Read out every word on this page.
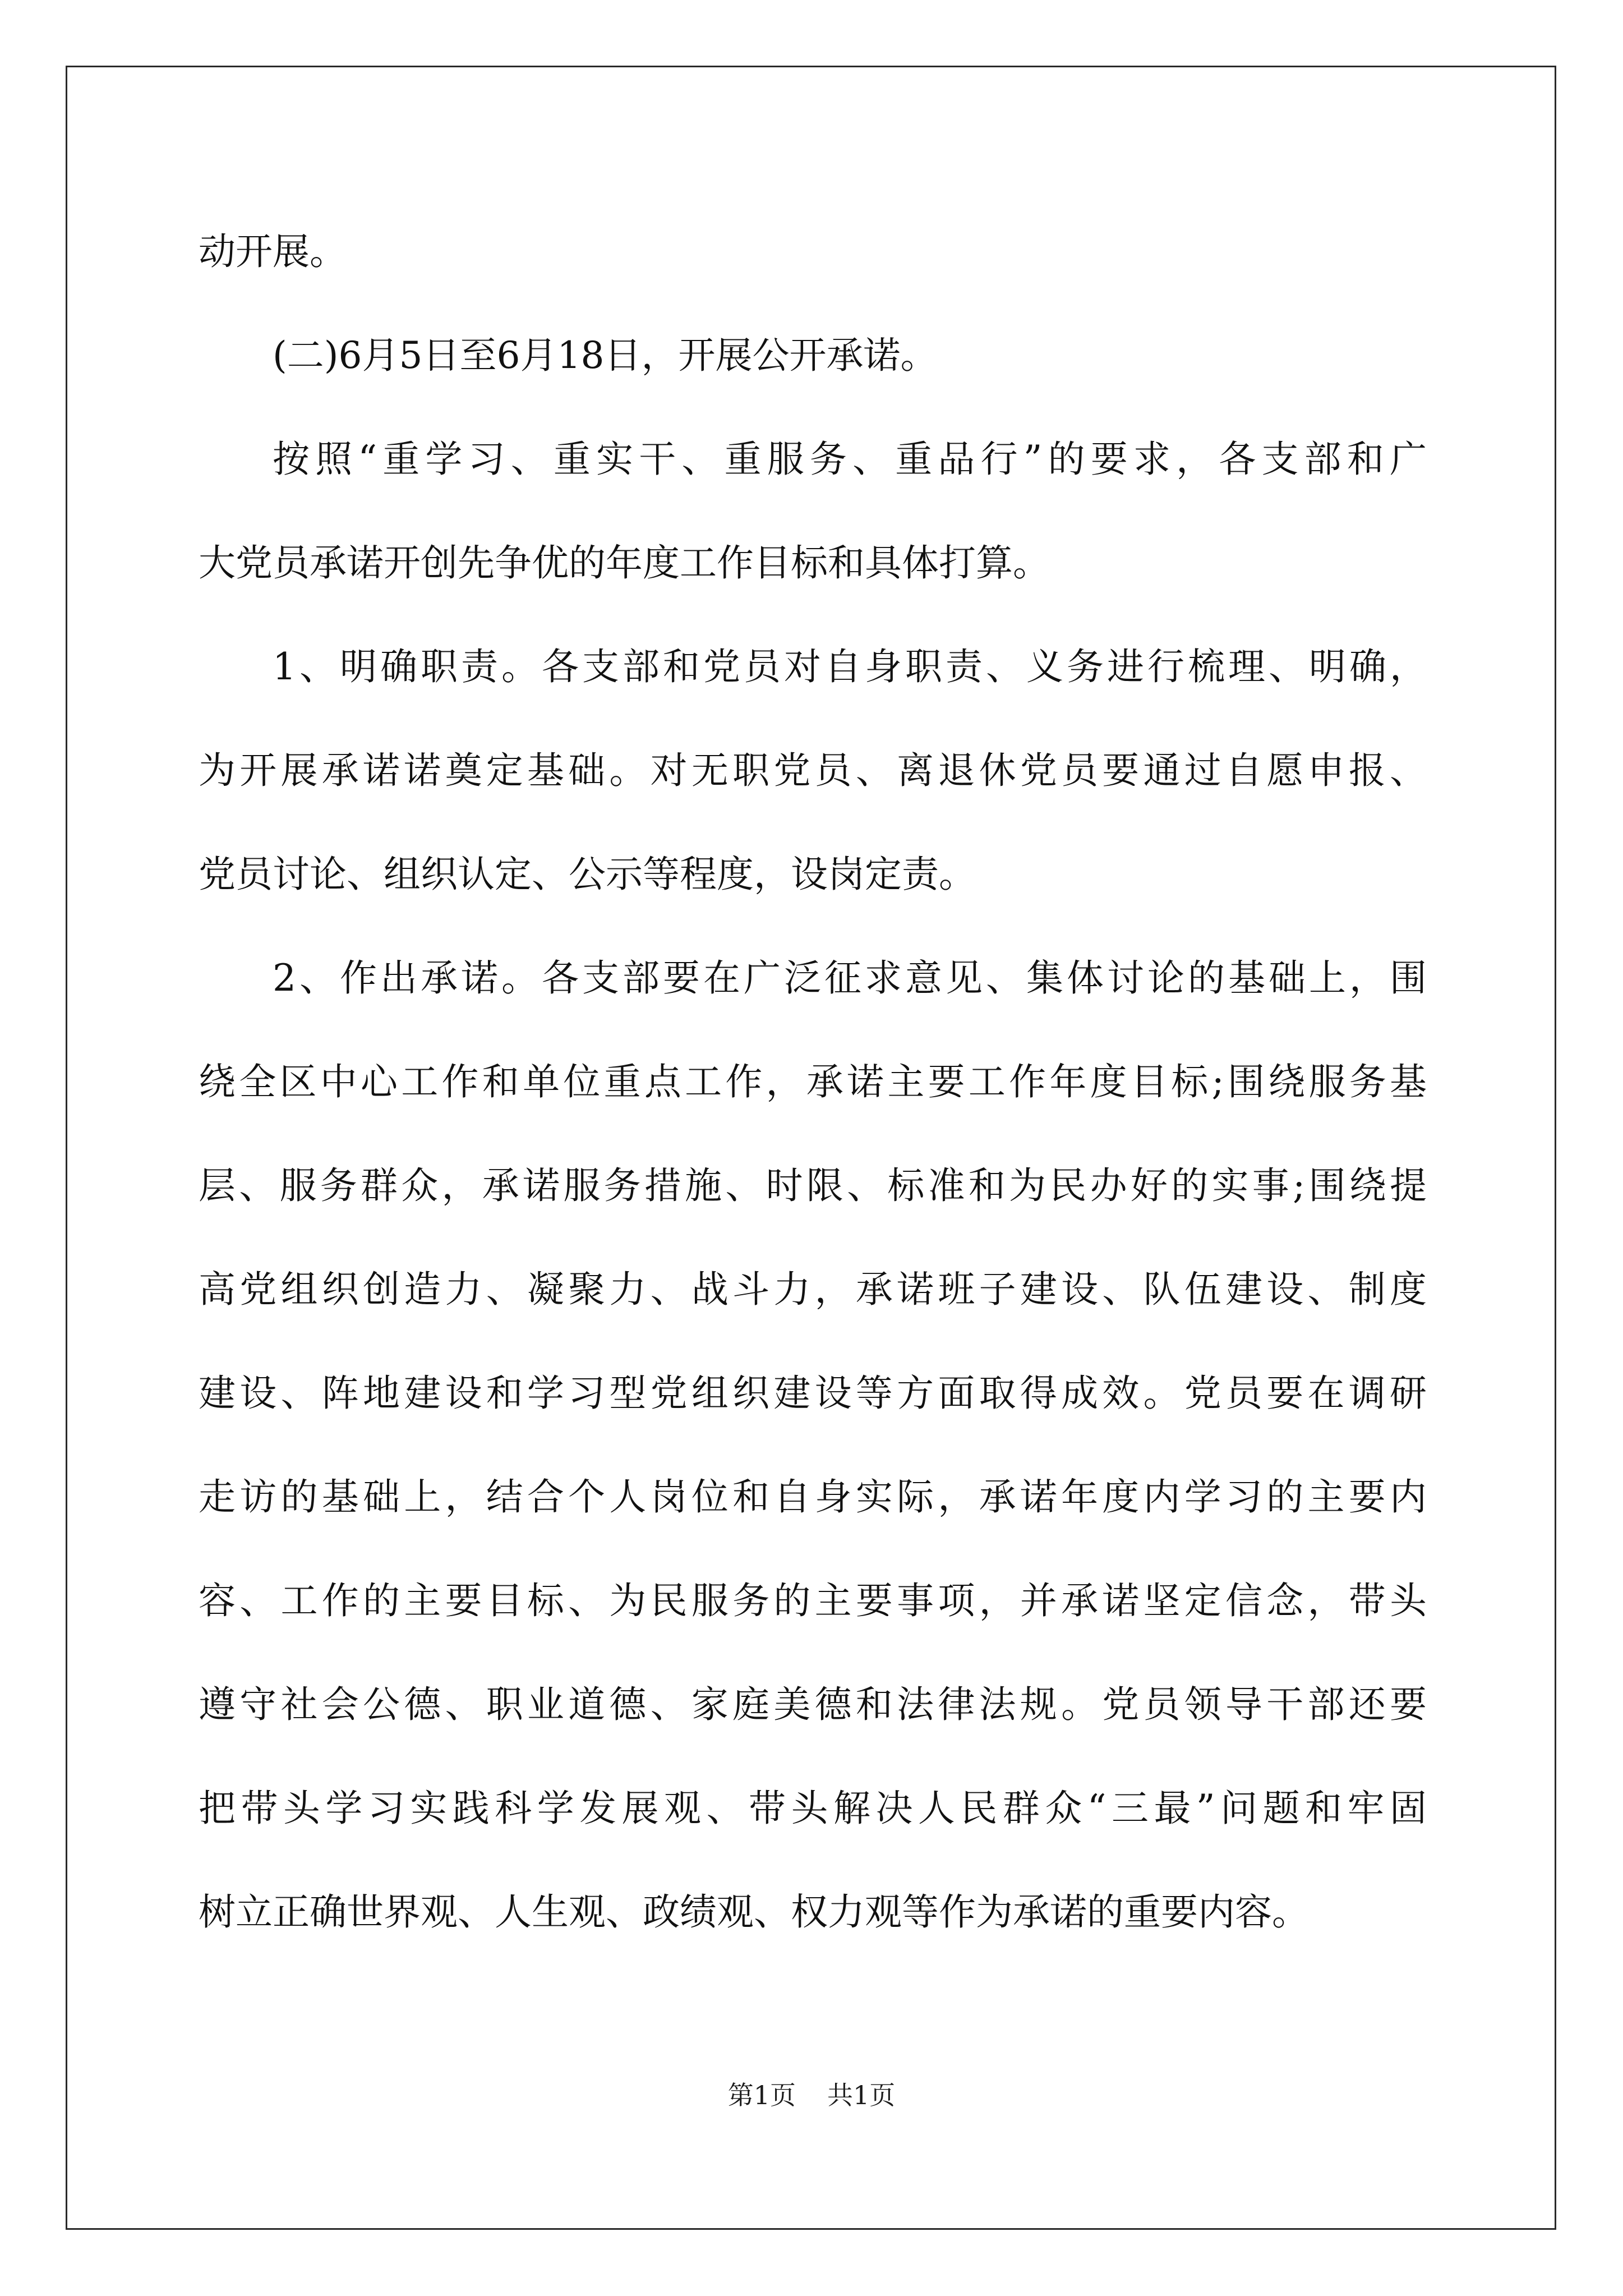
动开展。
(二)6月5日至6月18日，开展公开承诺。
按照“重学习、重实干、重服务、重品行”的要求，各支部和广
大党员承诺开创先争优的年度工作目标和具体打算。
1、明确职责。各支部和党员对自身职责、义务进行梳理、明确，
为开展承诺诺奠定基础。对无职党员、离退休党员要通过自愿申报、
党员讨论、组织认定、公示等程度，设岗定责。
2、作出承诺。各支部要在广泛征求意见、集体讨论的基础上，围
绕全区中心工作和单位重点工作，承诺主要工作年度目标;围绕服务基
层、服务群众，承诺服务措施、时限、标准和为民办好的实事;围绕提
高党组织创造力、凝聚力、战斗力，承诺班子建设、队伍建设、制度
建设、阵地建设和学习型党组织建设等方面取得成效。党员要在调研
走访的基础上，结合个人岗位和自身实际，承诺年度内学习的主要内
容、工作的主要目标、为民服务的主要事项，并承诺坚定信念，带头
遵守社会公德、职业道德、家庭美德和法律法规。党员领导干部还要
把带头学习实践科学发展观、带头解决人民群众“三最”问题和牢固
树立正确世界观、人生观、政绩观、权力观等作为承诺的重要内容。
第1页 共1页
